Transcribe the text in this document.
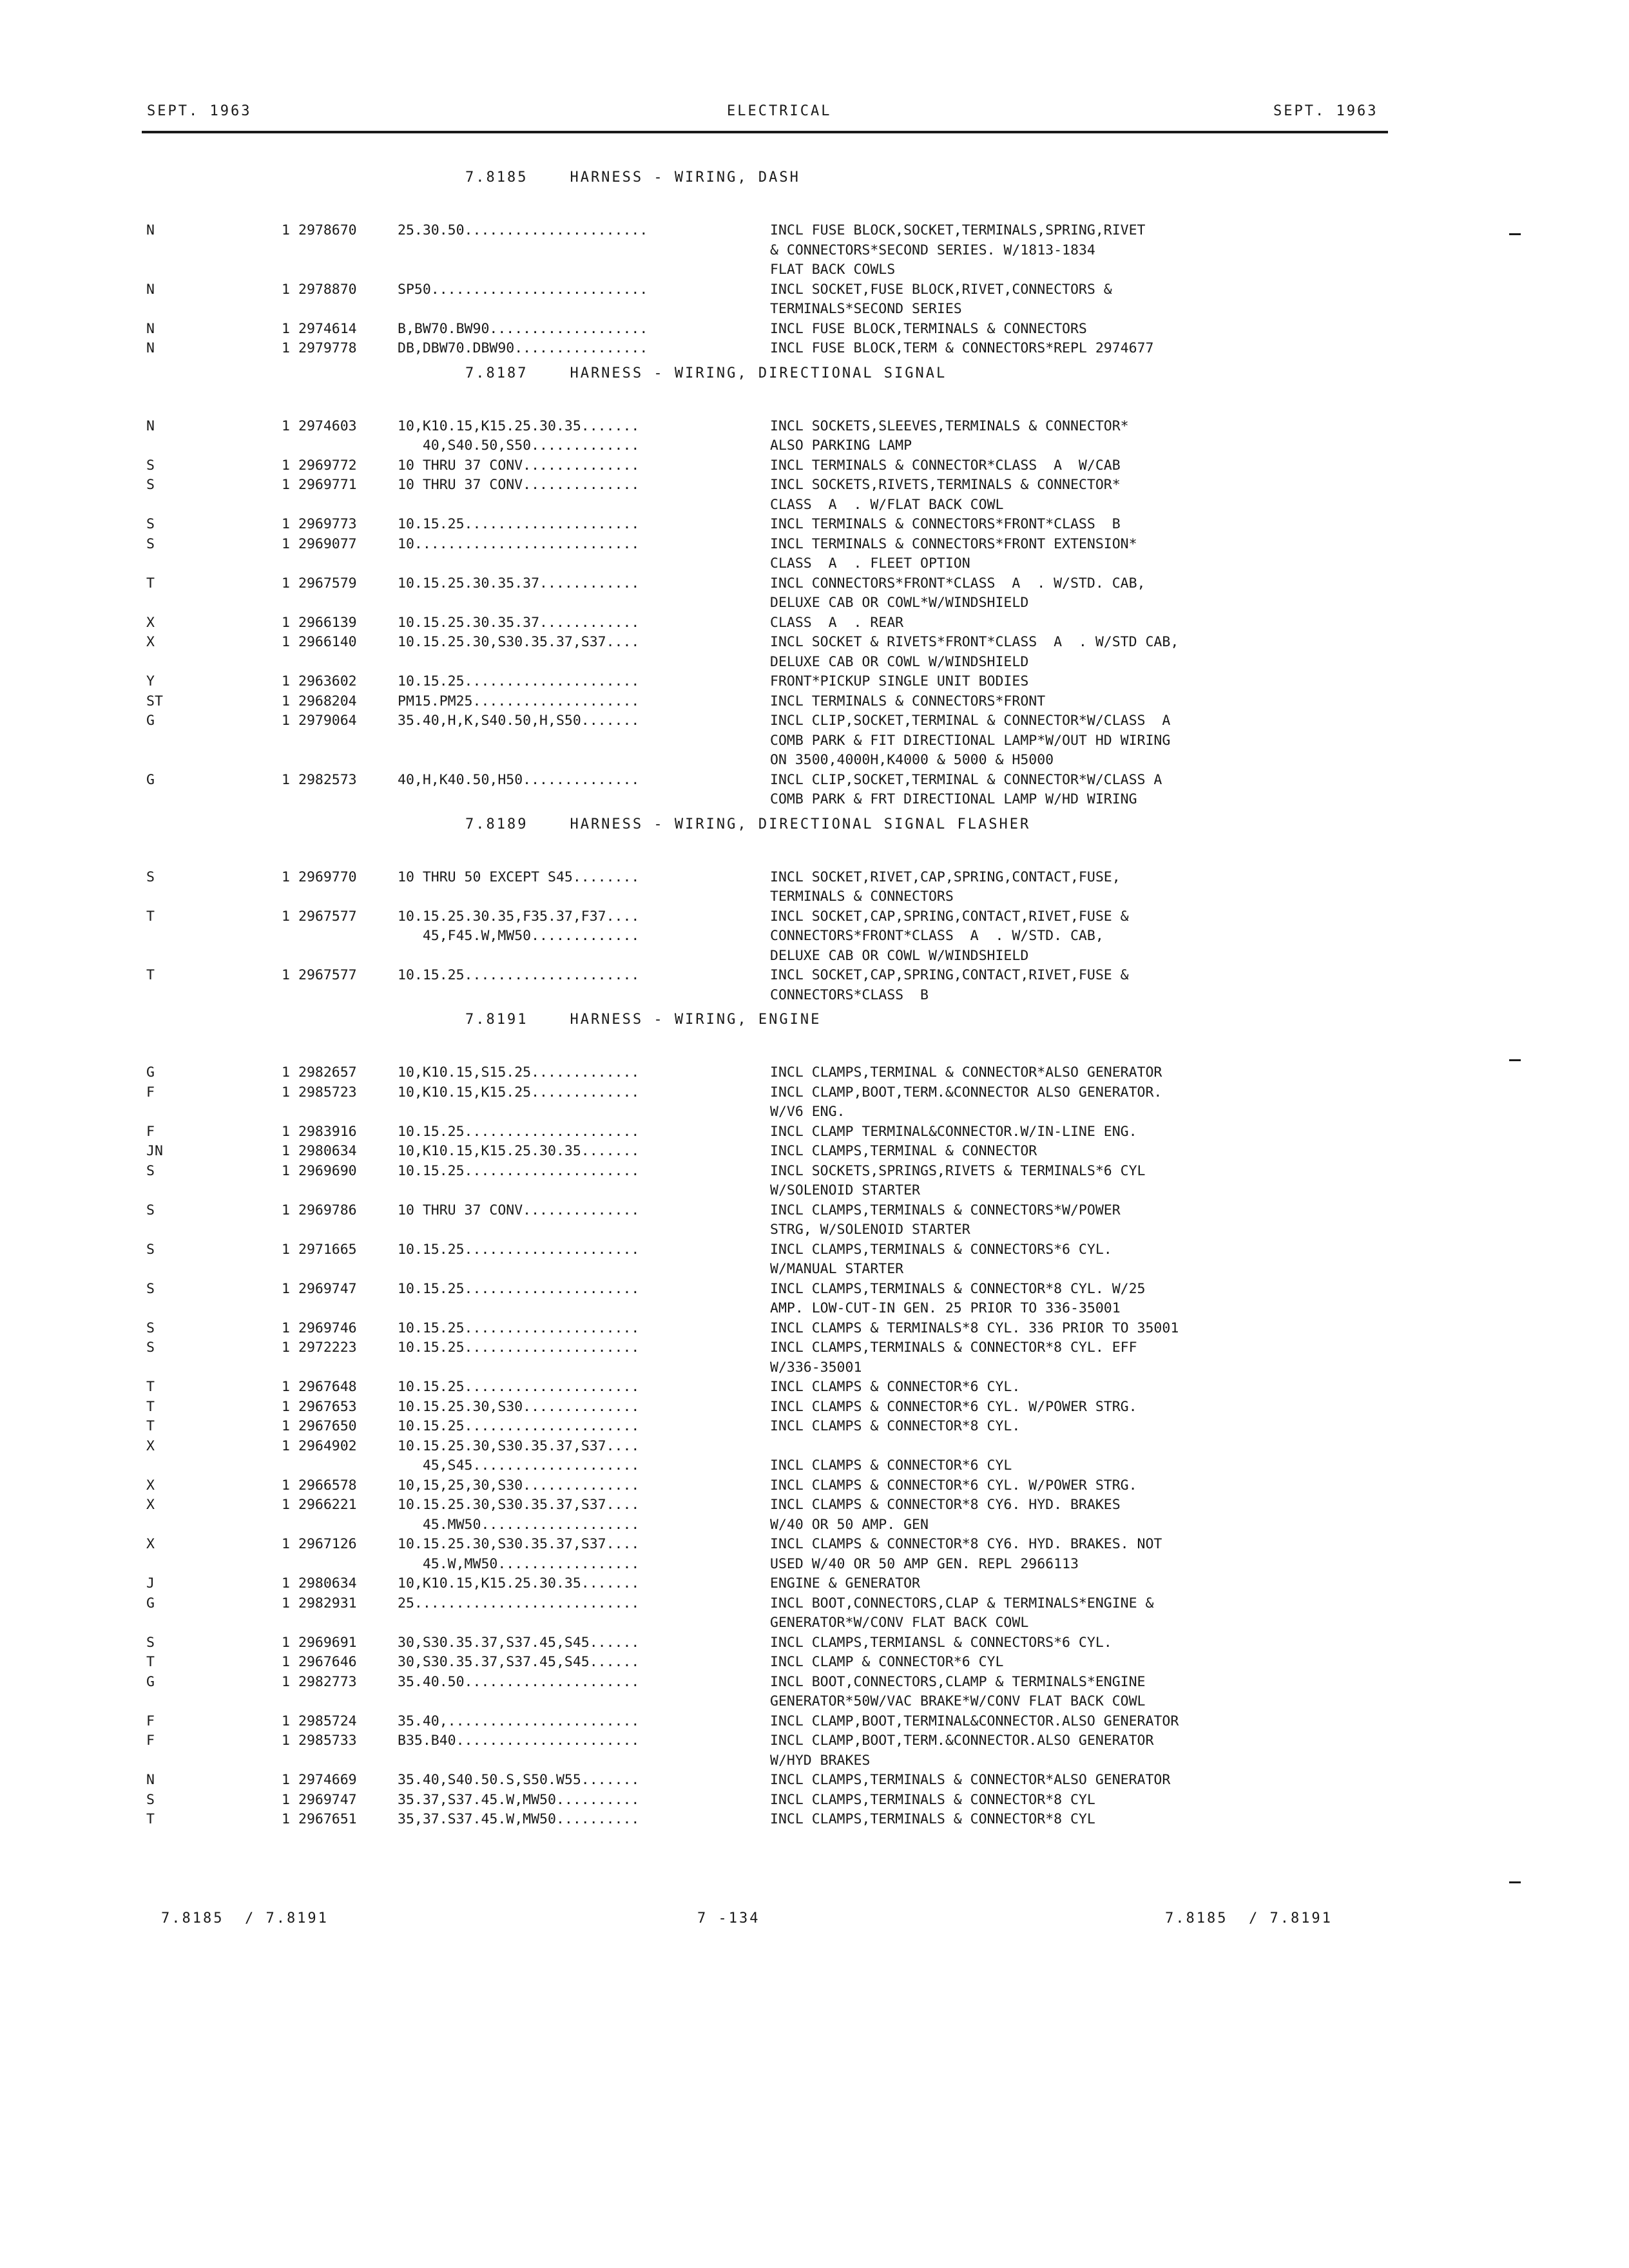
SEPT. 1963	ELECTRICAL	SEPT. 1963
7.8185    HARNESS - WIRING, DASH
N	1 2978670	25.30.50......................	INCL FUSE BLOCK,SOCKET,TERMINALS,SPRING,RIVET
& CONNECTORS*SECOND SERIES. W/1813-1834
FLAT BACK COWLS
N	1 2978870	SP50..........................	INCL SOCKET,FUSE BLOCK,RIVET,CONNECTORS &
TERMINALS*SECOND SERIES
N	1 2974614	B,BW70.BW90...................	INCL FUSE BLOCK,TERMINALS & CONNECTORS
N	1 2979778	DB,DBW70.DBW90................	INCL FUSE BLOCK,TERM & CONNECTORS*REPL 2974677
7.8187    HARNESS - WIRING, DIRECTIONAL SIGNAL
N	1 2974603	10,K10.15,K15.25.30.35.......	INCL SOCKETS,SLEEVES,TERMINALS & CONNECTOR*
40,S40.50,S50.............	ALSO PARKING LAMP
S	1 2969772	10 THRU 37 CONV..............	INCL TERMINALS & CONNECTOR*CLASS  A  W/CAB
S	1 2969771	10 THRU 37 CONV..............	INCL SOCKETS,RIVETS,TERMINALS & CONNECTOR*
CLASS  A  . W/FLAT BACK COWL
S	1 2969773	10.15.25.....................	INCL TERMINALS & CONNECTORS*FRONT*CLASS  B
S	1 2969077	10...........................	INCL TERMINALS & CONNECTORS*FRONT EXTENSION*
CLASS  A  . FLEET OPTION
T	1 2967579	10.15.25.30.35.37............	INCL CONNECTORS*FRONT*CLASS  A  . W/STD. CAB,
DELUXE CAB OR COWL*W/WINDSHIELD
X	1 2966139	10.15.25.30.35.37............	CLASS  A  . REAR
X	1 2966140	10.15.25.30,S30.35.37,S37....	INCL SOCKET & RIVETS*FRONT*CLASS  A  . W/STD CAB,
DELUXE CAB OR COWL W/WINDSHIELD
Y	1 2963602	10.15.25.....................	FRONT*PICKUP SINGLE UNIT BODIES
ST	1 2968204	PM15.PM25....................	INCL TERMINALS & CONNECTORS*FRONT
G	1 2979064	35.40,H,K,S40.50,H,S50.......	INCL CLIP,SOCKET,TERMINAL & CONNECTOR*W/CLASS  A
COMB PARK & FIT DIRECTIONAL LAMP*W/OUT HD WIRING
ON 3500,4000H,K4000 & 5000 & H5000
G	1 2982573	40,H,K40.50,H50..............	INCL CLIP,SOCKET,TERMINAL & CONNECTOR*W/CLASS A
COMB PARK & FRT DIRECTIONAL LAMP W/HD WIRING
7.8189    HARNESS - WIRING, DIRECTIONAL SIGNAL FLASHER
S	1 2969770	10 THRU 50 EXCEPT S45........	INCL SOCKET,RIVET,CAP,SPRING,CONTACT,FUSE,
TERMINALS & CONNECTORS
T	1 2967577	10.15.25.30.35,F35.37,F37....	INCL SOCKET,CAP,SPRING,CONTACT,RIVET,FUSE &
45,F45.W,MW50.............	CONNECTORS*FRONT*CLASS  A  . W/STD. CAB,
DELUXE CAB OR COWL W/WINDSHIELD
T	1 2967577	10.15.25.....................	INCL SOCKET,CAP,SPRING,CONTACT,RIVET,FUSE &
CONNECTORS*CLASS  B
7.8191    HARNESS - WIRING, ENGINE
G	1 2982657	10,K10.15,S15.25.............	INCL CLAMPS,TERMINAL & CONNECTOR*ALSO GENERATOR
F	1 2985723	10,K10.15,K15.25.............	INCL CLAMP,BOOT,TERM.&CONNECTOR ALSO GENERATOR.
W/V6 ENG.
F	1 2983916	10.15.25.....................	INCL CLAMP TERMINAL&CONNECTOR.W/IN-LINE ENG.
JN	1 2980634	10,K10.15,K15.25.30.35.......	INCL CLAMPS,TERMINAL & CONNECTOR
S	1 2969690	10.15.25.....................	INCL SOCKETS,SPRINGS,RIVETS & TERMINALS*6 CYL
W/SOLENOID STARTER
S	1 2969786	10 THRU 37 CONV..............	INCL CLAMPS,TERMINALS & CONNECTORS*W/POWER
STRG, W/SOLENOID STARTER
S	1 2971665	10.15.25.....................	INCL CLAMPS,TERMINALS & CONNECTORS*6 CYL.
W/MANUAL STARTER
S	1 2969747	10.15.25.....................	INCL CLAMPS,TERMINALS & CONNECTOR*8 CYL. W/25
AMP. LOW-CUT-IN GEN. 25 PRIOR TO 336-35001
S	1 2969746	10.15.25.....................	INCL CLAMPS & TERMINALS*8 CYL. 336 PRIOR TO 35001
S	1 2972223	10.15.25.....................	INCL CLAMPS,TERMINALS & CONNECTOR*8 CYL. EFF
W/336-35001
T	1 2967648	10.15.25.....................	INCL CLAMPS & CONNECTOR*6 CYL.
T	1 2967653	10.15.25.30,S30..............	INCL CLAMPS & CONNECTOR*6 CYL. W/POWER STRG.
T	1 2967650	10.15.25.....................	INCL CLAMPS & CONNECTOR*8 CYL.
X	1 2964902	10.15.25.30,S30.35.37,S37....
45,S45....................	INCL CLAMPS & CONNECTOR*6 CYL
X	1 2966578	10,15,25,30,S30..............	INCL CLAMPS & CONNECTOR*6 CYL. W/POWER STRG.
X	1 2966221	10.15.25.30,S30.35.37,S37....	INCL CLAMPS & CONNECTOR*8 CY6. HYD. BRAKES
45.MW50...................	W/40 OR 50 AMP. GEN
X	1 2967126	10.15.25.30,S30.35.37,S37....	INCL CLAMPS & CONNECTOR*8 CY6. HYD. BRAKES. NOT
45.W,MW50.................	USED W/40 OR 50 AMP GEN. REPL 2966113
J	1 2980634	10,K10.15,K15.25.30.35.......	ENGINE & GENERATOR
G	1 2982931	25...........................	INCL BOOT,CONNECTORS,CLAP & TERMINALS*ENGINE &
GENERATOR*W/CONV FLAT BACK COWL
S	1 2969691	30,S30.35.37,S37.45,S45......	INCL CLAMPS,TERMIANSL & CONNECTORS*6 CYL.
T	1 2967646	30,S30.35.37,S37.45,S45......	INCL CLAMP & CONNECTOR*6 CYL
G	1 2982773	35.40.50.....................	INCL BOOT,CONNECTORS,CLAMP & TERMINALS*ENGINE
GENERATOR*50W/VAC BRAKE*W/CONV FLAT BACK COWL
F	1 2985724	35.40,.......................	INCL CLAMP,BOOT,TERMINAL&CONNECTOR.ALSO GENERATOR
F	1 2985733	B35.B40......................	INCL CLAMP,BOOT,TERM.&CONNECTOR.ALSO GENERATOR
W/HYD BRAKES
N	1 2974669	35.40,S40.50.S,S50.W55.......	INCL CLAMPS,TERMINALS & CONNECTOR*ALSO GENERATOR
S	1 2969747	35.37,S37.45.W,MW50..........	INCL CLAMPS,TERMINALS & CONNECTOR*8 CYL
T	1 2967651	35,37.S37.45.W,MW50..........	INCL CLAMPS,TERMINALS & CONNECTOR*8 CYL
7.8185  / 7.8191	7 -134	7.8185  / 7.8191
